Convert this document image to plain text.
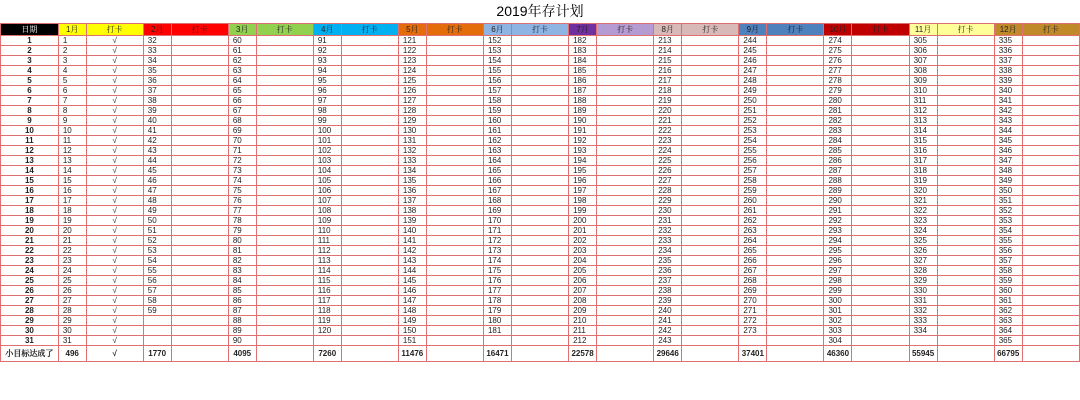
2019年存计划
日期	1月	打卡	2月	打卡	3月	打卡	4月	打卡	5月	打卡	6月	打卡	7月	打卡	8月	打卡	9月	打卡	10月	打卡	11月	打卡	12月	打卡
1	1	√	32		60		91		121		152		182		213		244		274		305		335	
2	2	√	33		61		92		122		153		183		214		245		275		306		336	
3	3	√	34		62		93		123		154		184		215		246		276		307		337	
4	4	√	35		63		94		124		155		185		216		247		277		308		338	
5	5	√	36		64		95		125		156		186		217		248		278		309		339	
6	6	√	37		65		96		126		157		187		218		249		279		310		340	
7	7	√	38		66		97		127		158		188		219		250		280		311		341	
8	8	√	39		67		98		128		159		189		220		251		281		312		342	
9	9	√	40		68		99		129		160		190		221		252		282		313		343	
10	10	√	41		69		100		130		161		191		222		253		283		314		344	
11	11	√	42		70		101		131		162		192		223		254		284		315		345	
12	12	√	43		71		102		132		163		193		224		255		285		316		346	
13	13	√	44		72		103		133		164		194		225		256		286		317		347	
14	14	√	45		73		104		134		165		195		226		257		287		318		348	
15	15	√	46		74		105		135		166		196		227		258		288		319		349	
16	16	√	47		75		106		136		167		197		228		259		289		320		350	
17	17	√	48		76		107		137		168		198		229		260		290		321		351	
18	18	√	49		77		108		138		169		199		230		261		291		322		352	
19	19	√	50		78		109		139		170		200		231		262		292		323		353	
20	20	√	51		79		110		140		171		201		232		263		293		324		354	
21	21	√	52		80		111		141		172		202		233		264		294		325		355	
22	22	√	53		81		112		142		173		203		234		265		295		326		356	
23	23	√	54		82		113		143		174		204		235		266		296		327		357	
24	24	√	55		83		114		144		175		205		236		267		297		328		358	
25	25	√	56		84		115		145		176		206		237		268		298		329		359	
26	26	√	57		85		116		146		177		207		238		269		299		330		360	
27	27	√	58		86		117		147		178		208		239		270		300		331		361	
28	28	√	59		87		118		148		179		209		240		271		301		332		362	
29	29	√			88		119		149		180		210		241		272		302		333		363	
30	30	√			89		120		150		181		211		242		273		303		334		364	
31	31	√			90				151				212		243				304				365	
小目标达成了	496	√	1770		4095		7260		11476		16471		22578		29646		37401		46360		55945		66795	
